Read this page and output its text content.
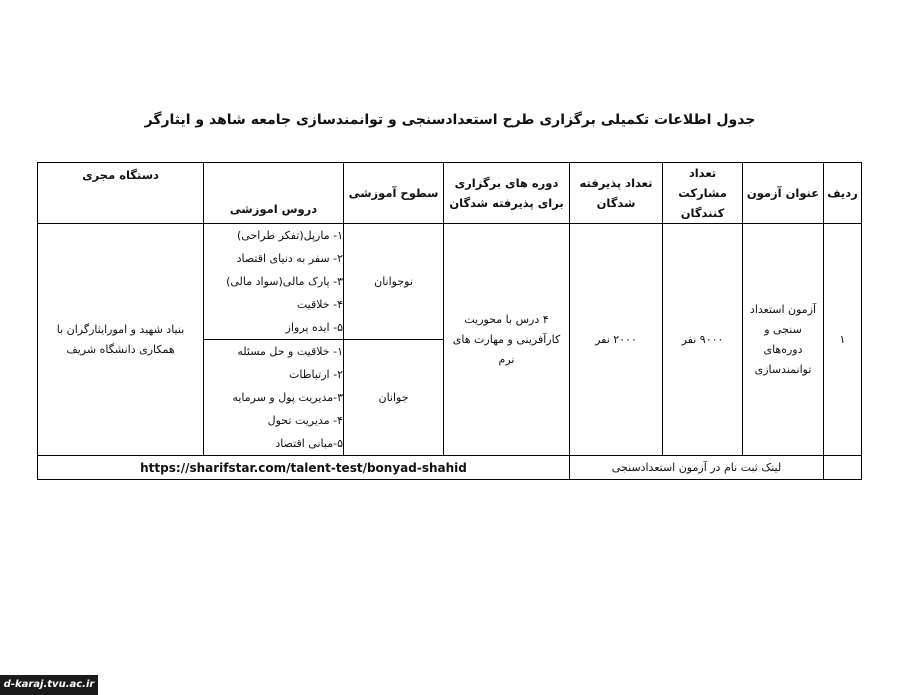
جدول اطلاعات تکمیلی برگزاری طرح استعدادسنجی و توانمندسازی جامعه شاهد و ایثارگر
ردیف	عنوان آزمون	تعداد مشارکت کنندگان	تعداد پذیرفته شدگان	دوره های برگزاری برای پذیرفته شدگان	سطوح آموزشی	دروس اموزشی	دستگاه مجری
۱	آزمون استعداد سنجی و دوره‌های توانمندسازی	۹۰۰۰ نفر	۲۰۰۰ نفر	۴ درس با محوریت کارآفرینی و مهارت های نرم	نوجوانان	۱- مارپل(تفکر طراحی)
۲- سفر به دنیای اقتصاد
۳- پارک مالی(سواد مالی)
۴- خلاقیت
۵- ایده پرواز	بنیاد شهید و امورایثارگران با همکاری دانشگاه شریف
					جوانان	۱- خلاقیت و حل مسئله
۲- ارتباطات
۳-مدیریت پول و سرمایه
۴- مدیریت تحول
۵-مبانی اقتصاد	

	لینک ثبت نام در آزمون استعدادسنجی			https://sharifstar.com/talent-test/bonyad-shahid			
d-karaj.tvu.ac.ir
